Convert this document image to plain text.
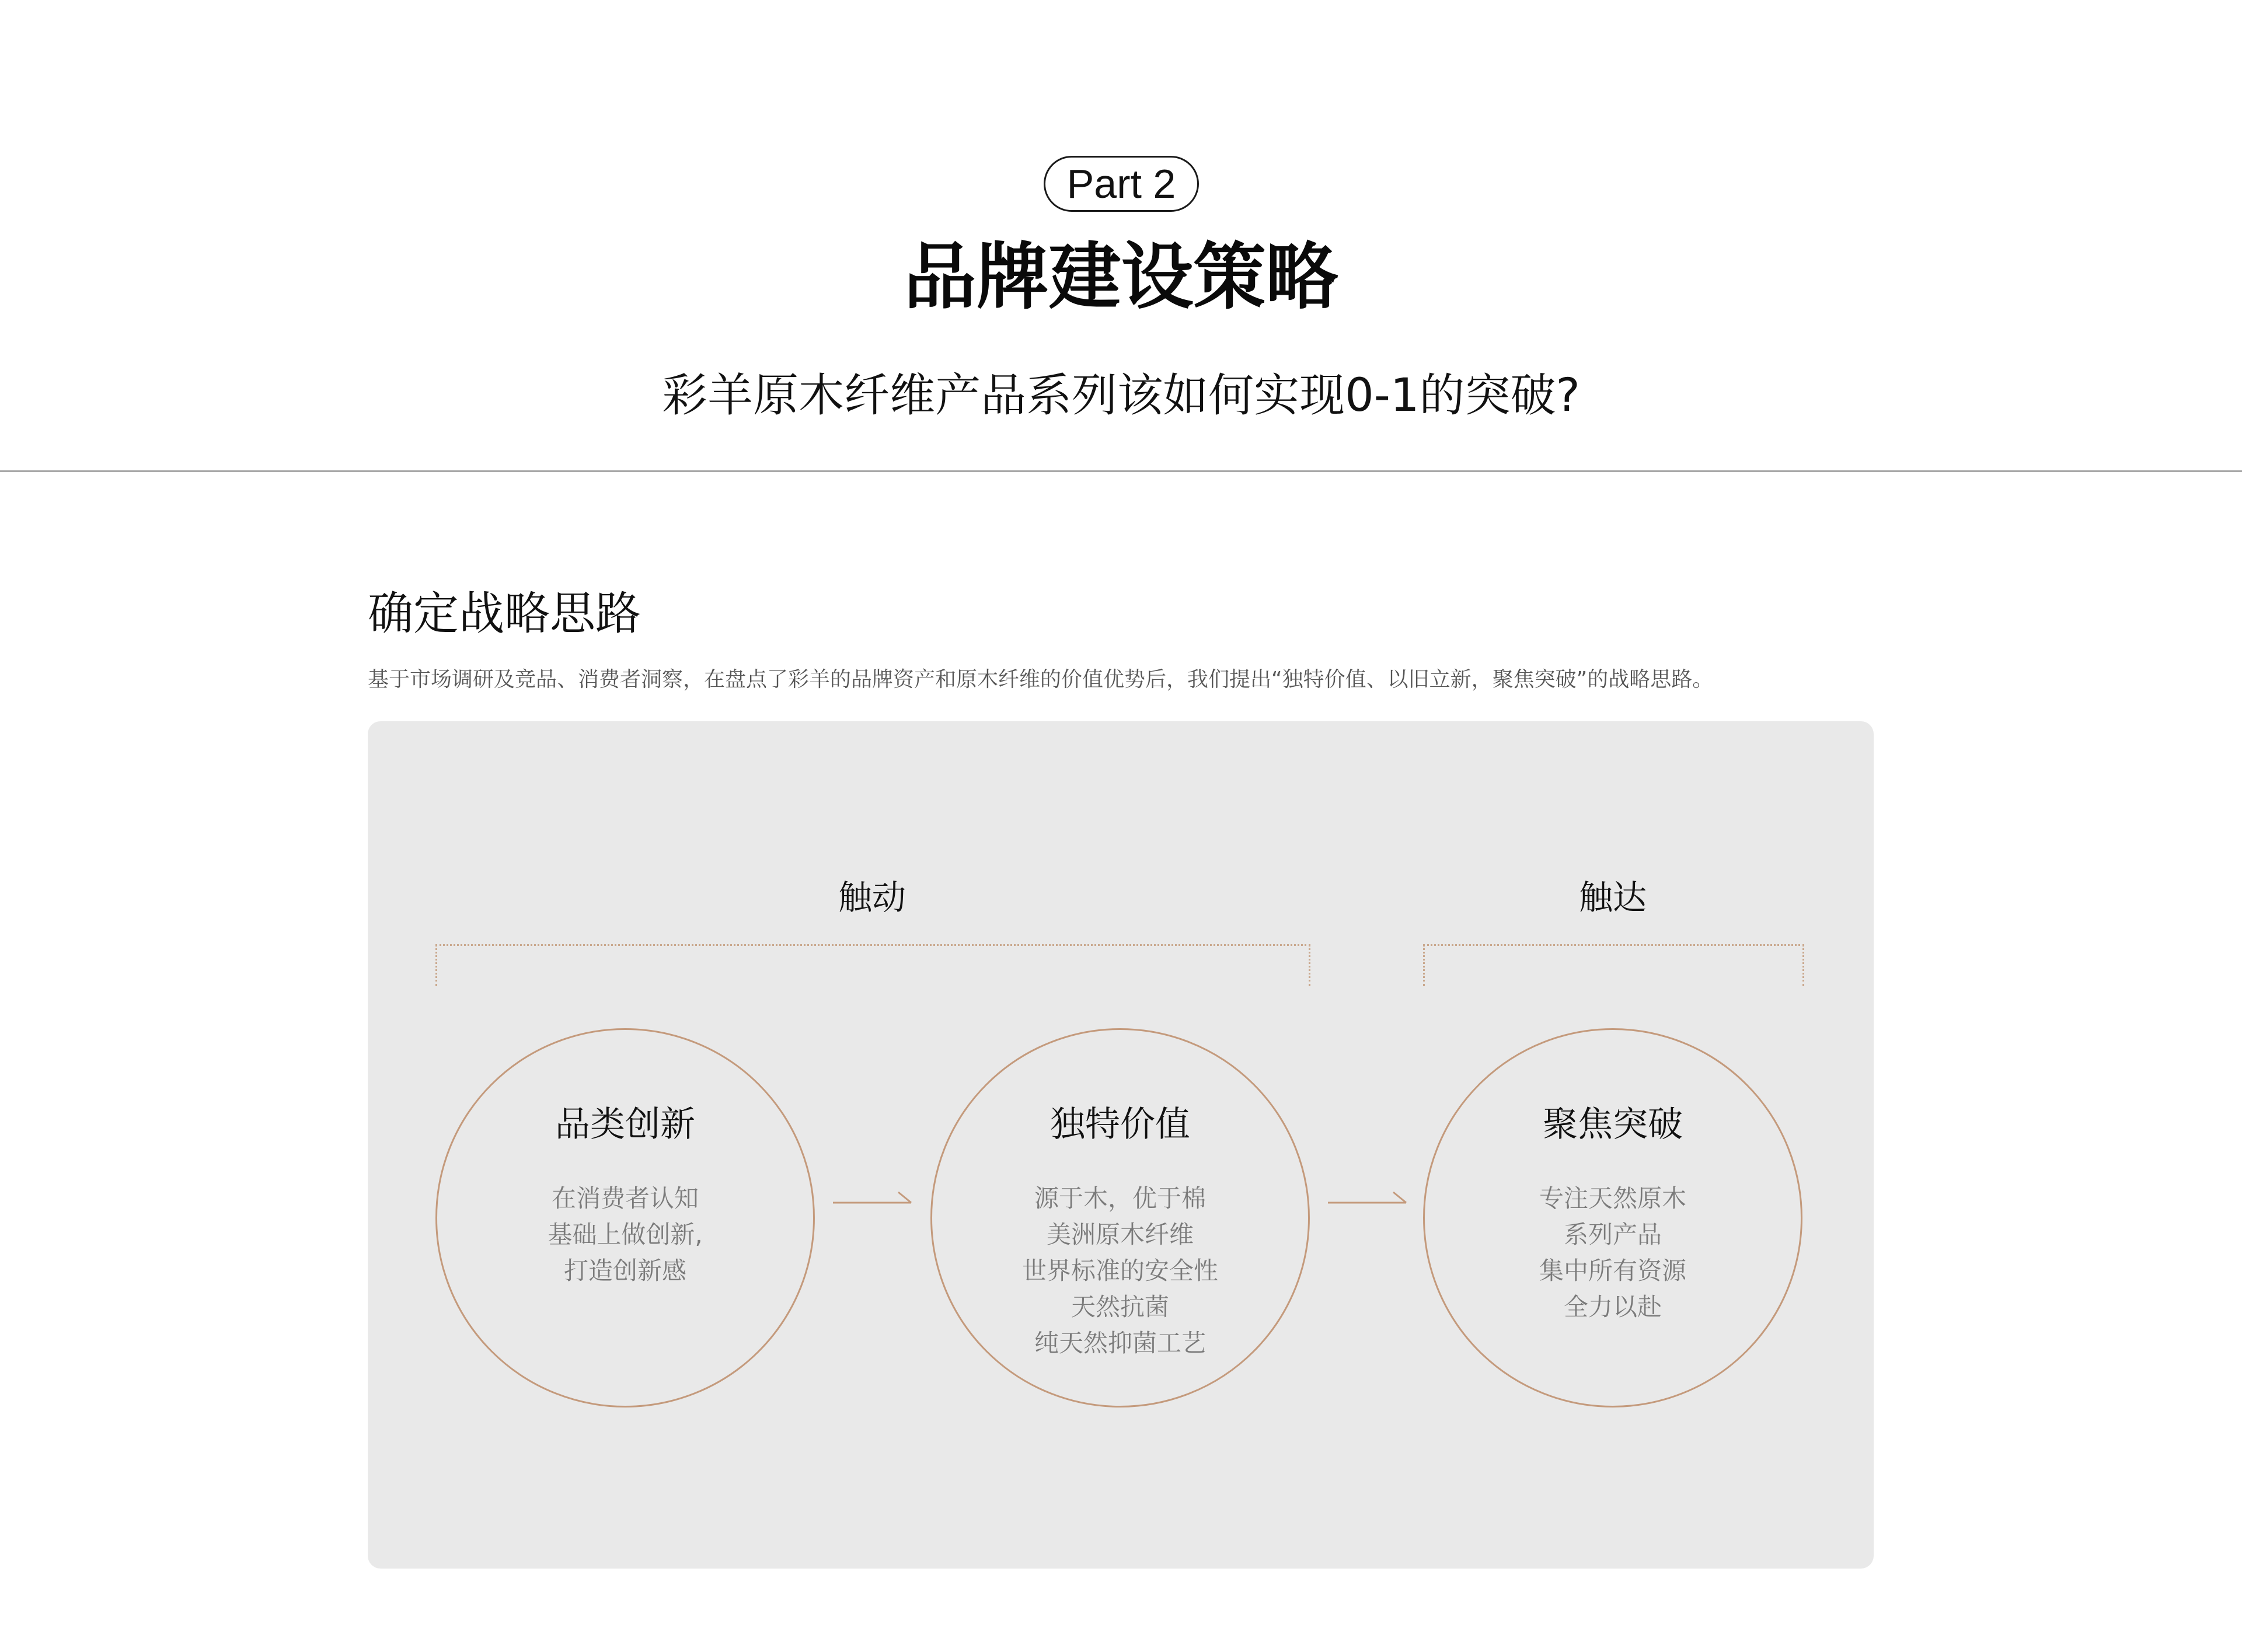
Part 2
品牌建设策略
彩羊原木纤维产品系列该如何实现0-1的突破?
确定战略思路
基于市场调研及竞品、消费者洞察，在盘点了彩羊的品牌资产和原木纤维的价值优势后，我们提出“独特价值、以旧立新，聚焦突破”的战略思路。
触动	触达
品类创新
在消费者认知
基础上做创新,
打造创新感
独特价值
源于木，优于棉
美洲原木纤维
世界标准的安全性
天然抗菌
纯天然抑菌工艺
聚焦突破
专注天然原木
系列产品
集中所有资源
全力以赴
